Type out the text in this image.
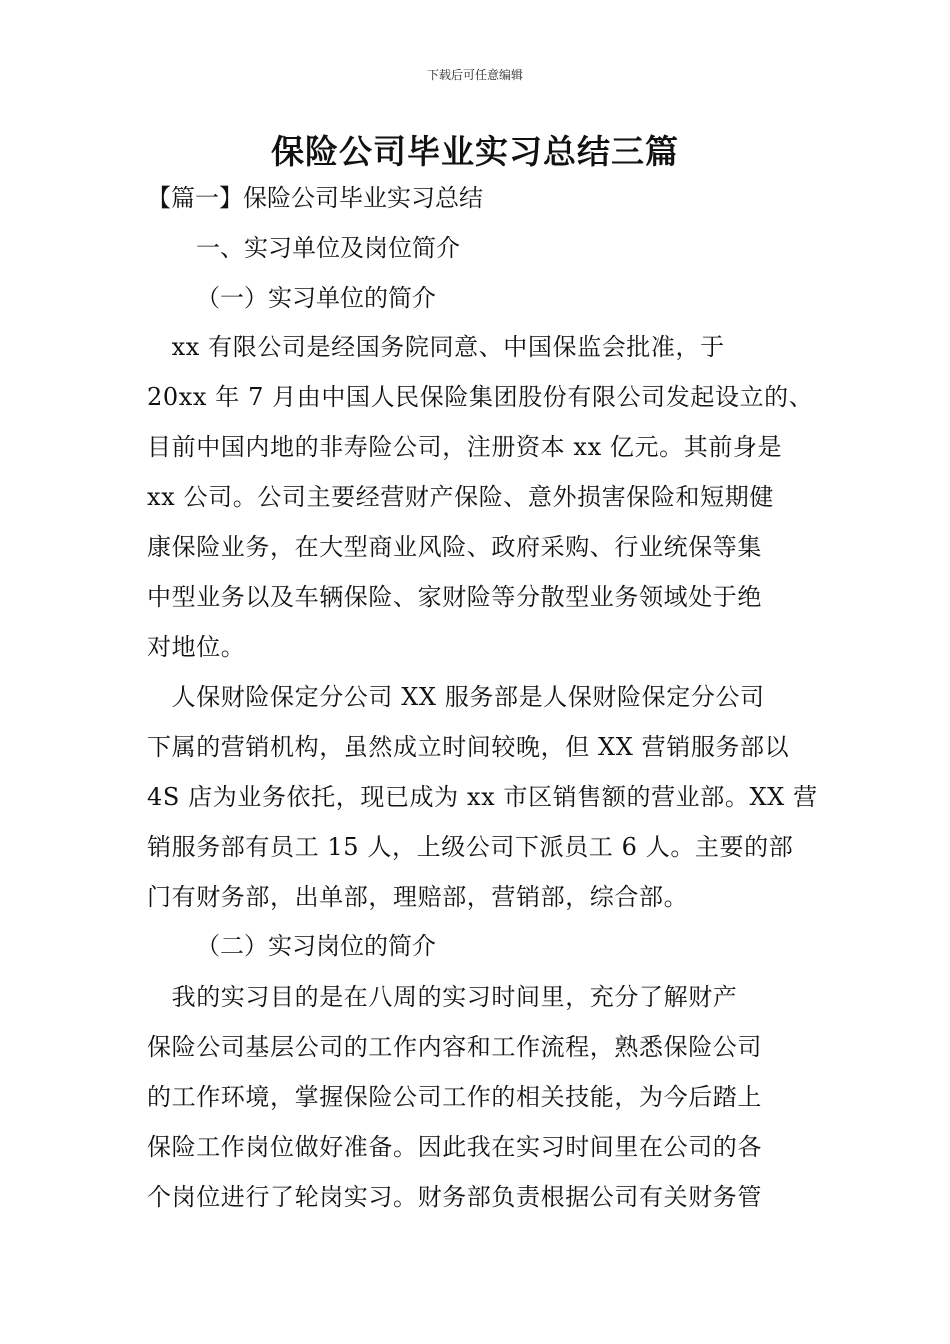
下载后可任意编辑
保险公司毕业实习总结三篇
【篇一】保险公司毕业实习总结
一、实习单位及岗位简介
（一）实习单位的简介
　xx 有限公司是经国务院同意、中国保监会批准，于
20xx 年 7 月由中国人民保险集团股份有限公司发起设立的、
目前中国内地的非寿险公司，注册资本 xx 亿元。其前身是
xx 公司。公司主要经营财产保险、意外损害保险和短期健
康保险业务，在大型商业风险、政府采购、行业统保等集
中型业务以及车辆保险、家财险等分散型业务领域处于绝
对地位。
　人保财险保定分公司 XX 服务部是人保财险保定分公司
下属的营销机构，虽然成立时间较晚，但 XX 营销服务部以
4S 店为业务依托，现已成为 xx 市区销售额的营业部。XX 营
销服务部有员工 15 人，上级公司下派员工 6 人。主要的部
门有财务部，出单部，理赔部，营销部，综合部。
（二）实习岗位的简介
　我的实习目的是在八周的实习时间里，充分了解财产
保险公司基层公司的工作内容和工作流程，熟悉保险公司
的工作环境，掌握保险公司工作的相关技能，为今后踏上
保险工作岗位做好准备。因此我在实习时间里在公司的各
个岗位进行了轮岗实习。财务部负责根据公司有关财务管
